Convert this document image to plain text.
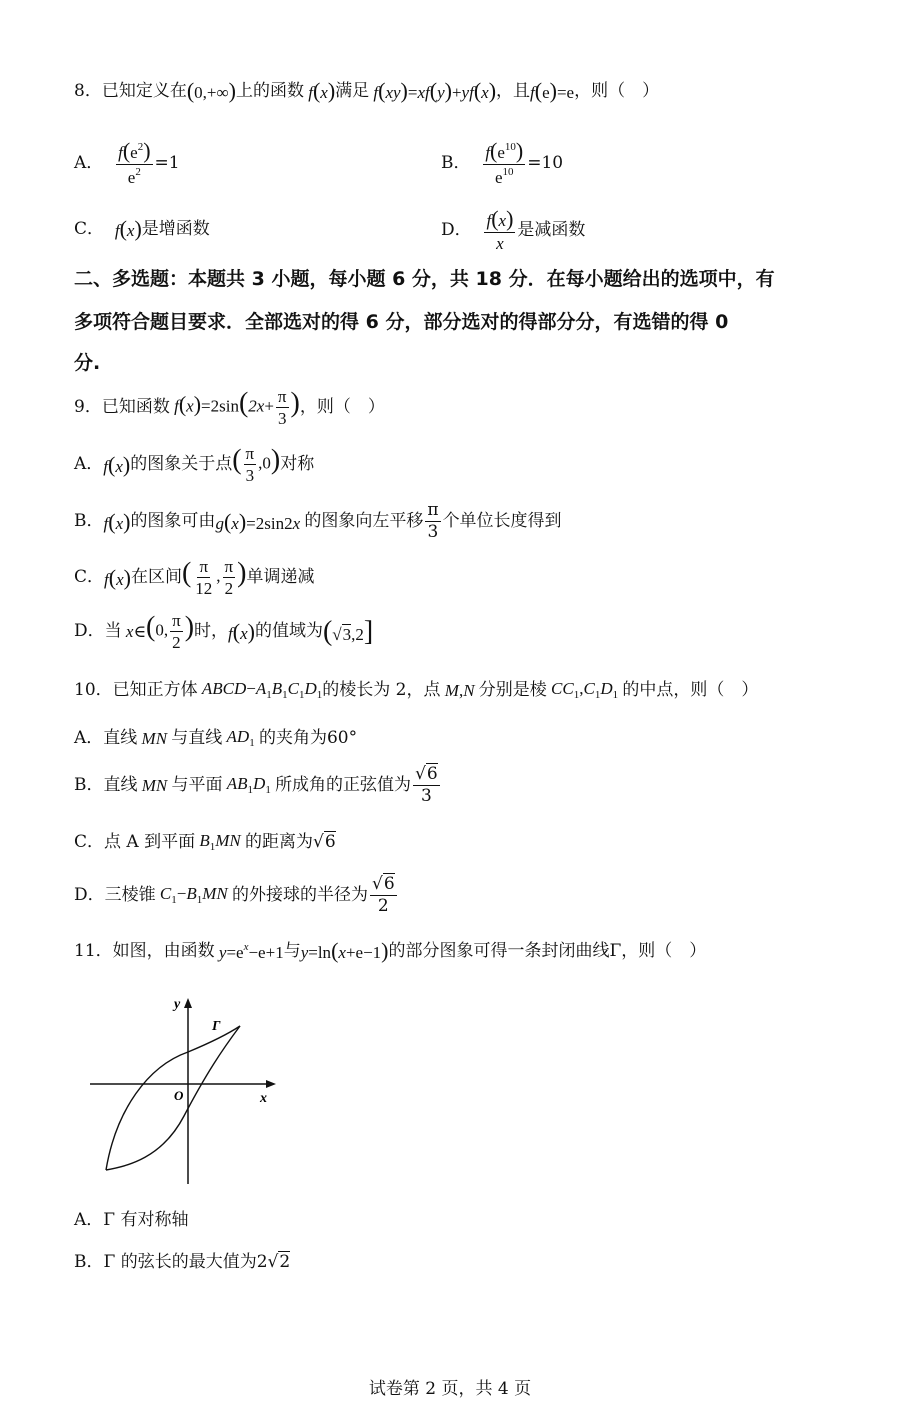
8．已知定义在 (0,+∞) 上的函数 f(x) 满足 f(xy)=xf(y)+yf(x) ，且 f(e)=e ，则（　）
A．
$\frac{f(e^2)}{e^2} =1$	B．
$\frac{f(e^{10})}{e^{10}} =10$
C．
f(x) 是增函数	D．
$\frac{f(x)}{x}$ 是减函数
二、多选题：本题共 3 小题，每小题 6 分，共 18 分．在每小题给出的选项中，有
多项符合题目要求．全部选对的得 6 分，部分选对的得部分分，有选错的得 0
分.
9．已知函数 $f(x)=2\sin(2x+ \frac{\pi}{3}$ ) ，则（　）
A． f(x) 的图象关于点 ( $\frac{\pi}{3} ,0$) 对称
B． f(x) 的图象可由 g(x)=2sin2x 的图象向左平移 $\frac{\pi}{3}$ 个单位长度得到
C． f(x) 在区间 ( $\frac{\pi}{12}$ , $\frac{\pi}{2}$ ) 单调递减
D．当 x∈ (0, $\frac{\pi}{2}$ ) 时， f(x) 的值域为 (√3,2]
10．已知正方体 $ABCD-A_1B_1C_1D_1$ 的棱长为 2，点 M,N 分别是棱 $CC_1,C_1D_1$ 的中点，则（　）
A．直线 MN 与直线 $AD_1$ 的夹角为 60°
B．直线 MN 与平面 $AB_1D_1$ 所成角的正弦值为 $\frac{√6}{3}$
C．点 A 到平面 $B_1MN$ 的距离为 √6
D．三棱锥 $C_1-B_1MN$ 的外接球的半径为 $\frac{√6}{2}$
11．如图，由函数 $y=e^x-e+1$ 与 y=ln(x+e−1) 的部分图象可得一条封闭曲线Γ，则（　）
y
x
O
Γ
A．Γ 有对称轴
B．Γ 的弦长的最大值为 2√2
试卷第 2 页，共 4 页
